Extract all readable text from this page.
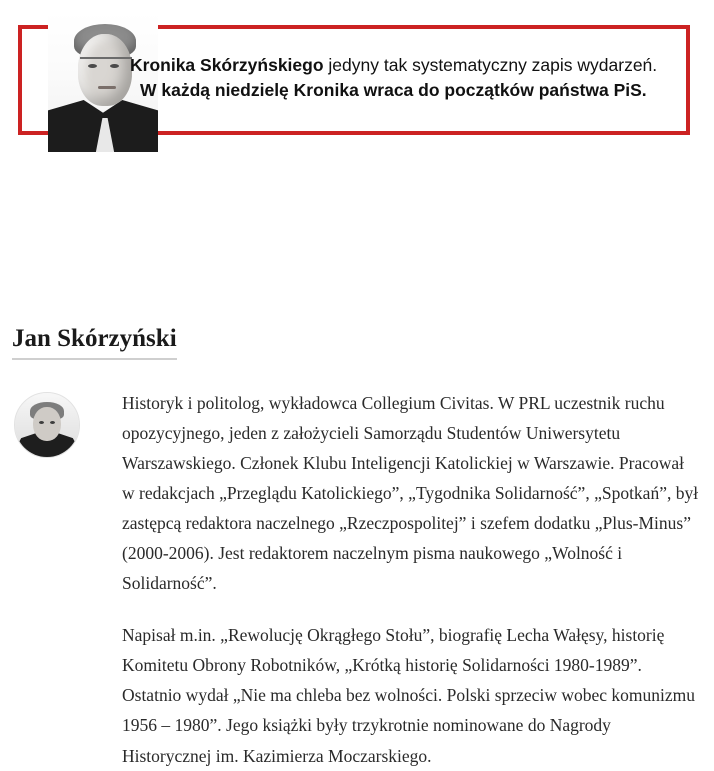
Kronika Skórzyńskiego jedyny tak systematyczny zapis wydarzeń.
W każdą niedzielę Kronika wraca do początków państwa PiS.
Jan Skórzyński

Historyk i politolog, wykładowca Collegium Civitas. W PRL uczestnik ruchu opozycyjnego, jeden z założycieli Samorządu Studentów Uniwersytetu Warszawskiego. Członek Klubu Inteligencji Katolickiej w Warszawie. Pracował w redakcjach „Przeglądu Katolickiego”, „Tygodnika Solidarność”, „Spotkań”, był zastępcą redaktora naczelnego „Rzeczpospolitej” i szefem dodatku „Plus-Minus” (2000-2006). Jest redaktorem naczelnym pisma naukowego „Wolność i Solidarność”.

Napisał m.in. „Rewolucję Okrągłego Stołu”, biografię Lecha Wałęsy, historię Komitetu Obrony Robotników, „Krótką historię Solidarności 1980-1989”. Ostatnio wydał „Nie ma chleba bez wolności. Polski sprzeciw wobec komunizmu 1956 – 1980”. Jego książki były trzykrotnie nominowane do Nagrody Historycznej im. Kazimierza Moczarskiego.
